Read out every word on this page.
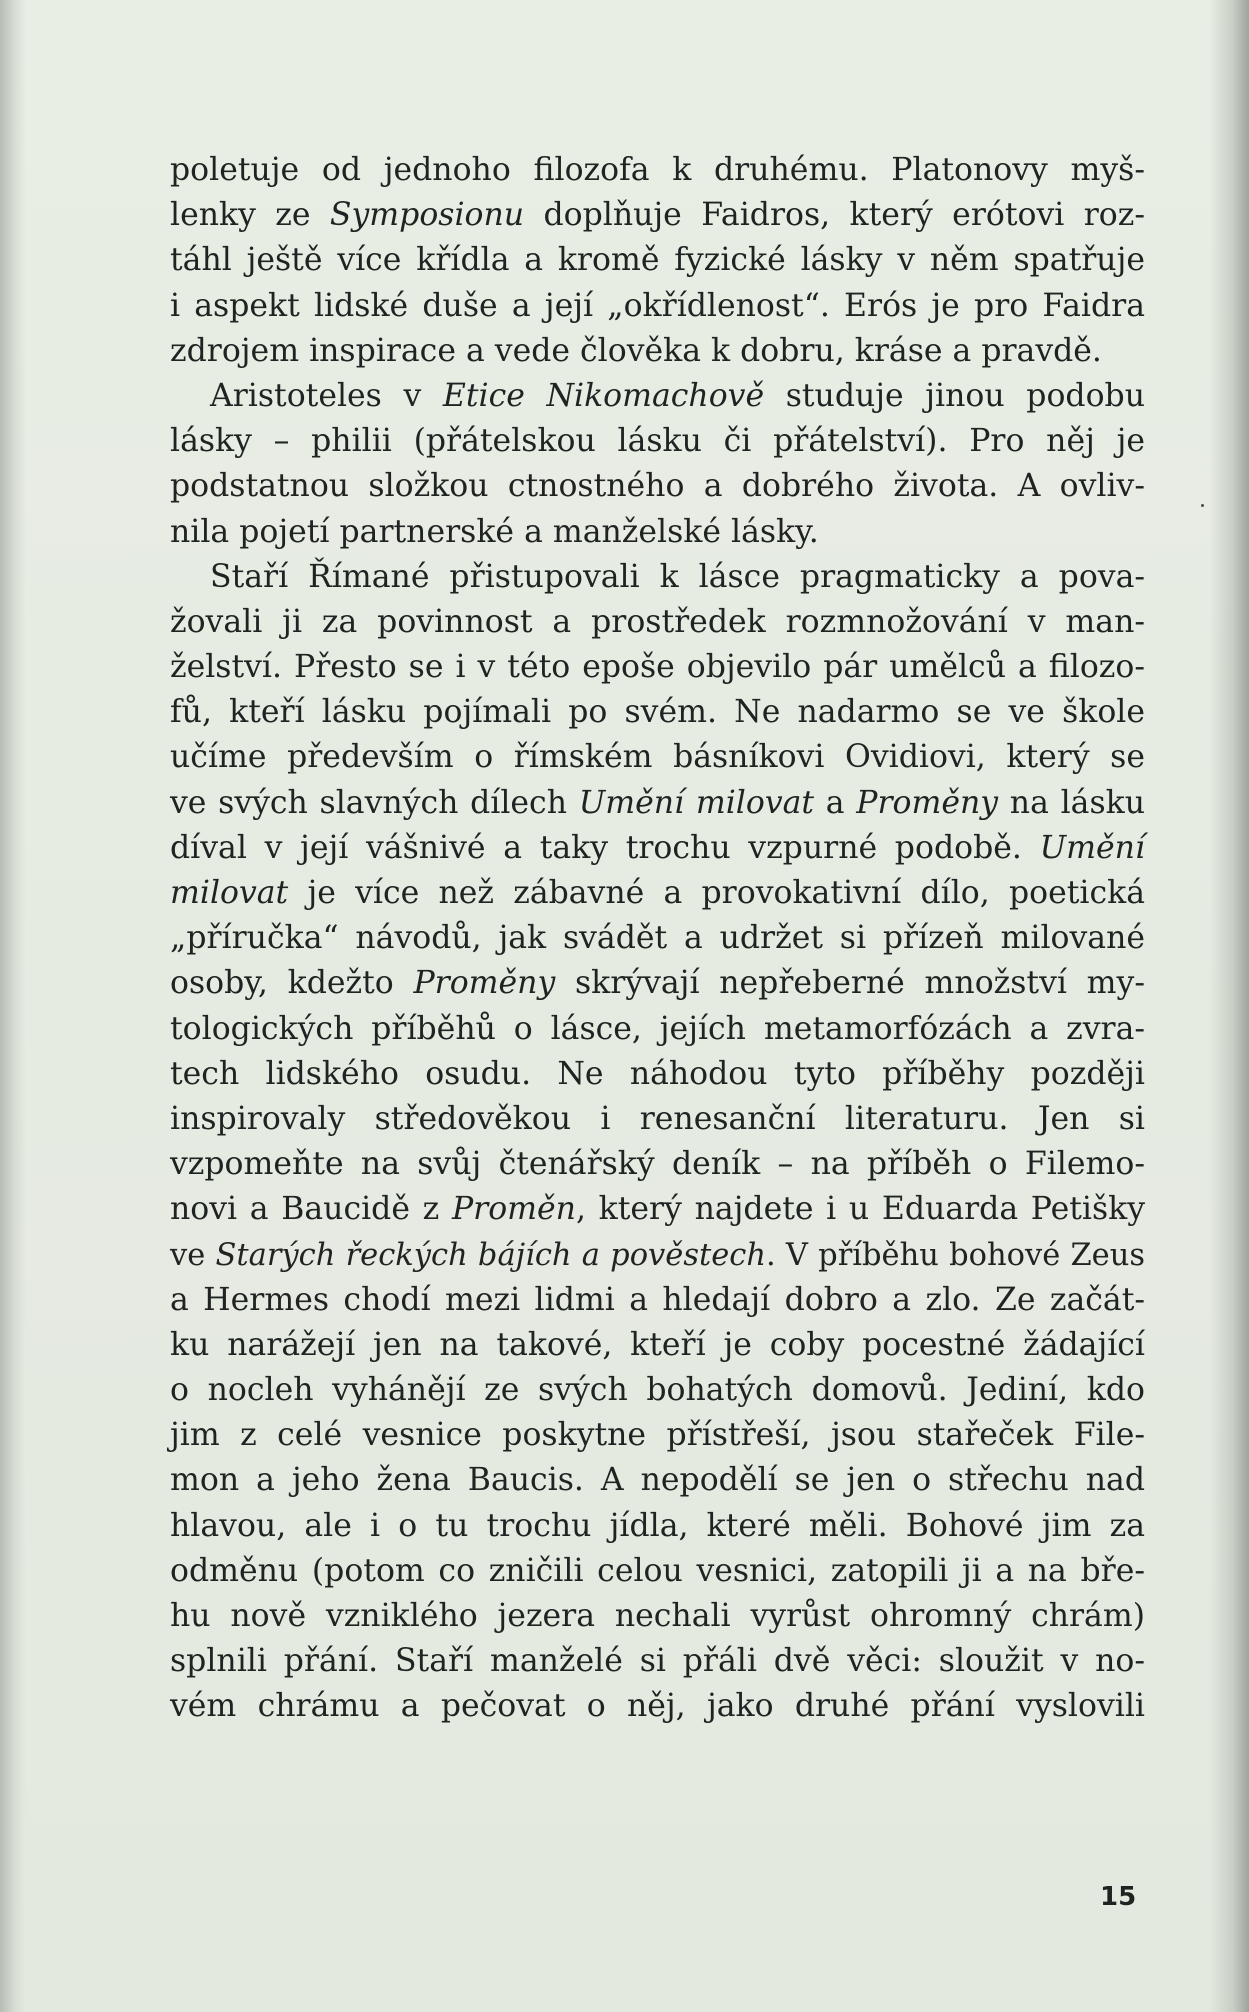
poletuje od jednoho filozofa k druhému. Platonovy myš-
lenky ze Symposionu doplňuje Faidros, který erótovi roz-
táhl ještě více křídla a kromě fyzické lásky v něm spatřuje
i aspekt lidské duše a její „okřídlenost“. Erós je pro Faidra
zdrojem inspirace a vede člověka k dobru, kráse a pravdě.
Aristoteles v Etice Nikomachově studuje jinou podobu
lásky – philii (přátelskou lásku či přátelství). Pro něj je
podstatnou složkou ctnostného a dobrého života. A ovliv-
nila pojetí partnerské a manželské lásky.
Staří Římané přistupovali k lásce pragmaticky a pova-
žovali ji za povinnost a prostředek rozmnožování v man-
želství. Přesto se i v této epoše objevilo pár umělců a filozo-
fů, kteří lásku pojímali po svém. Ne nadarmo se ve škole
učíme především o římském básníkovi Ovidiovi, který se
ve svých slavných dílech Umění milovat a Proměny na lásku
díval v její vášnivé a taky trochu vzpurné podobě. Umění
milovat je více než zábavné a provokativní dílo, poetická
„příručka“ návodů, jak svádět a udržet si přízeň milované
osoby, kdežto Proměny skrývají nepřeberné množství my-
tologických příběhů o lásce, jejích metamorfózách a zvra-
tech lidského osudu. Ne náhodou tyto příběhy později
inspirovaly středověkou i renesanční literaturu. Jen si
vzpomeňte na svůj čtenářský deník – na příběh o Filemo-
novi a Baucidě z Proměn, který najdete i u Eduarda Petišky
ve Starých řeckých bájích a pověstech. V příběhu bohové Zeus
a Hermes chodí mezi lidmi a hledají dobro a zlo. Ze začát-
ku narážejí jen na takové, kteří je coby pocestné žádající
o nocleh vyhánějí ze svých bohatých domovů. Jediní, kdo
jim z celé vesnice poskytne přístřeší, jsou stařeček File-
mon a jeho žena Baucis. A nepodělí se jen o střechu nad
hlavou, ale i o tu trochu jídla, které měli. Bohové jim za
odměnu (potom co zničili celou vesnici, zatopili ji a na bře-
hu nově vzniklého jezera nechali vyrůst ohromný chrám)
splnili přání. Staří manželé si přáli dvě věci: sloužit v no-
vém chrámu a pečovat o něj, jako druhé přání vyslovili
15
